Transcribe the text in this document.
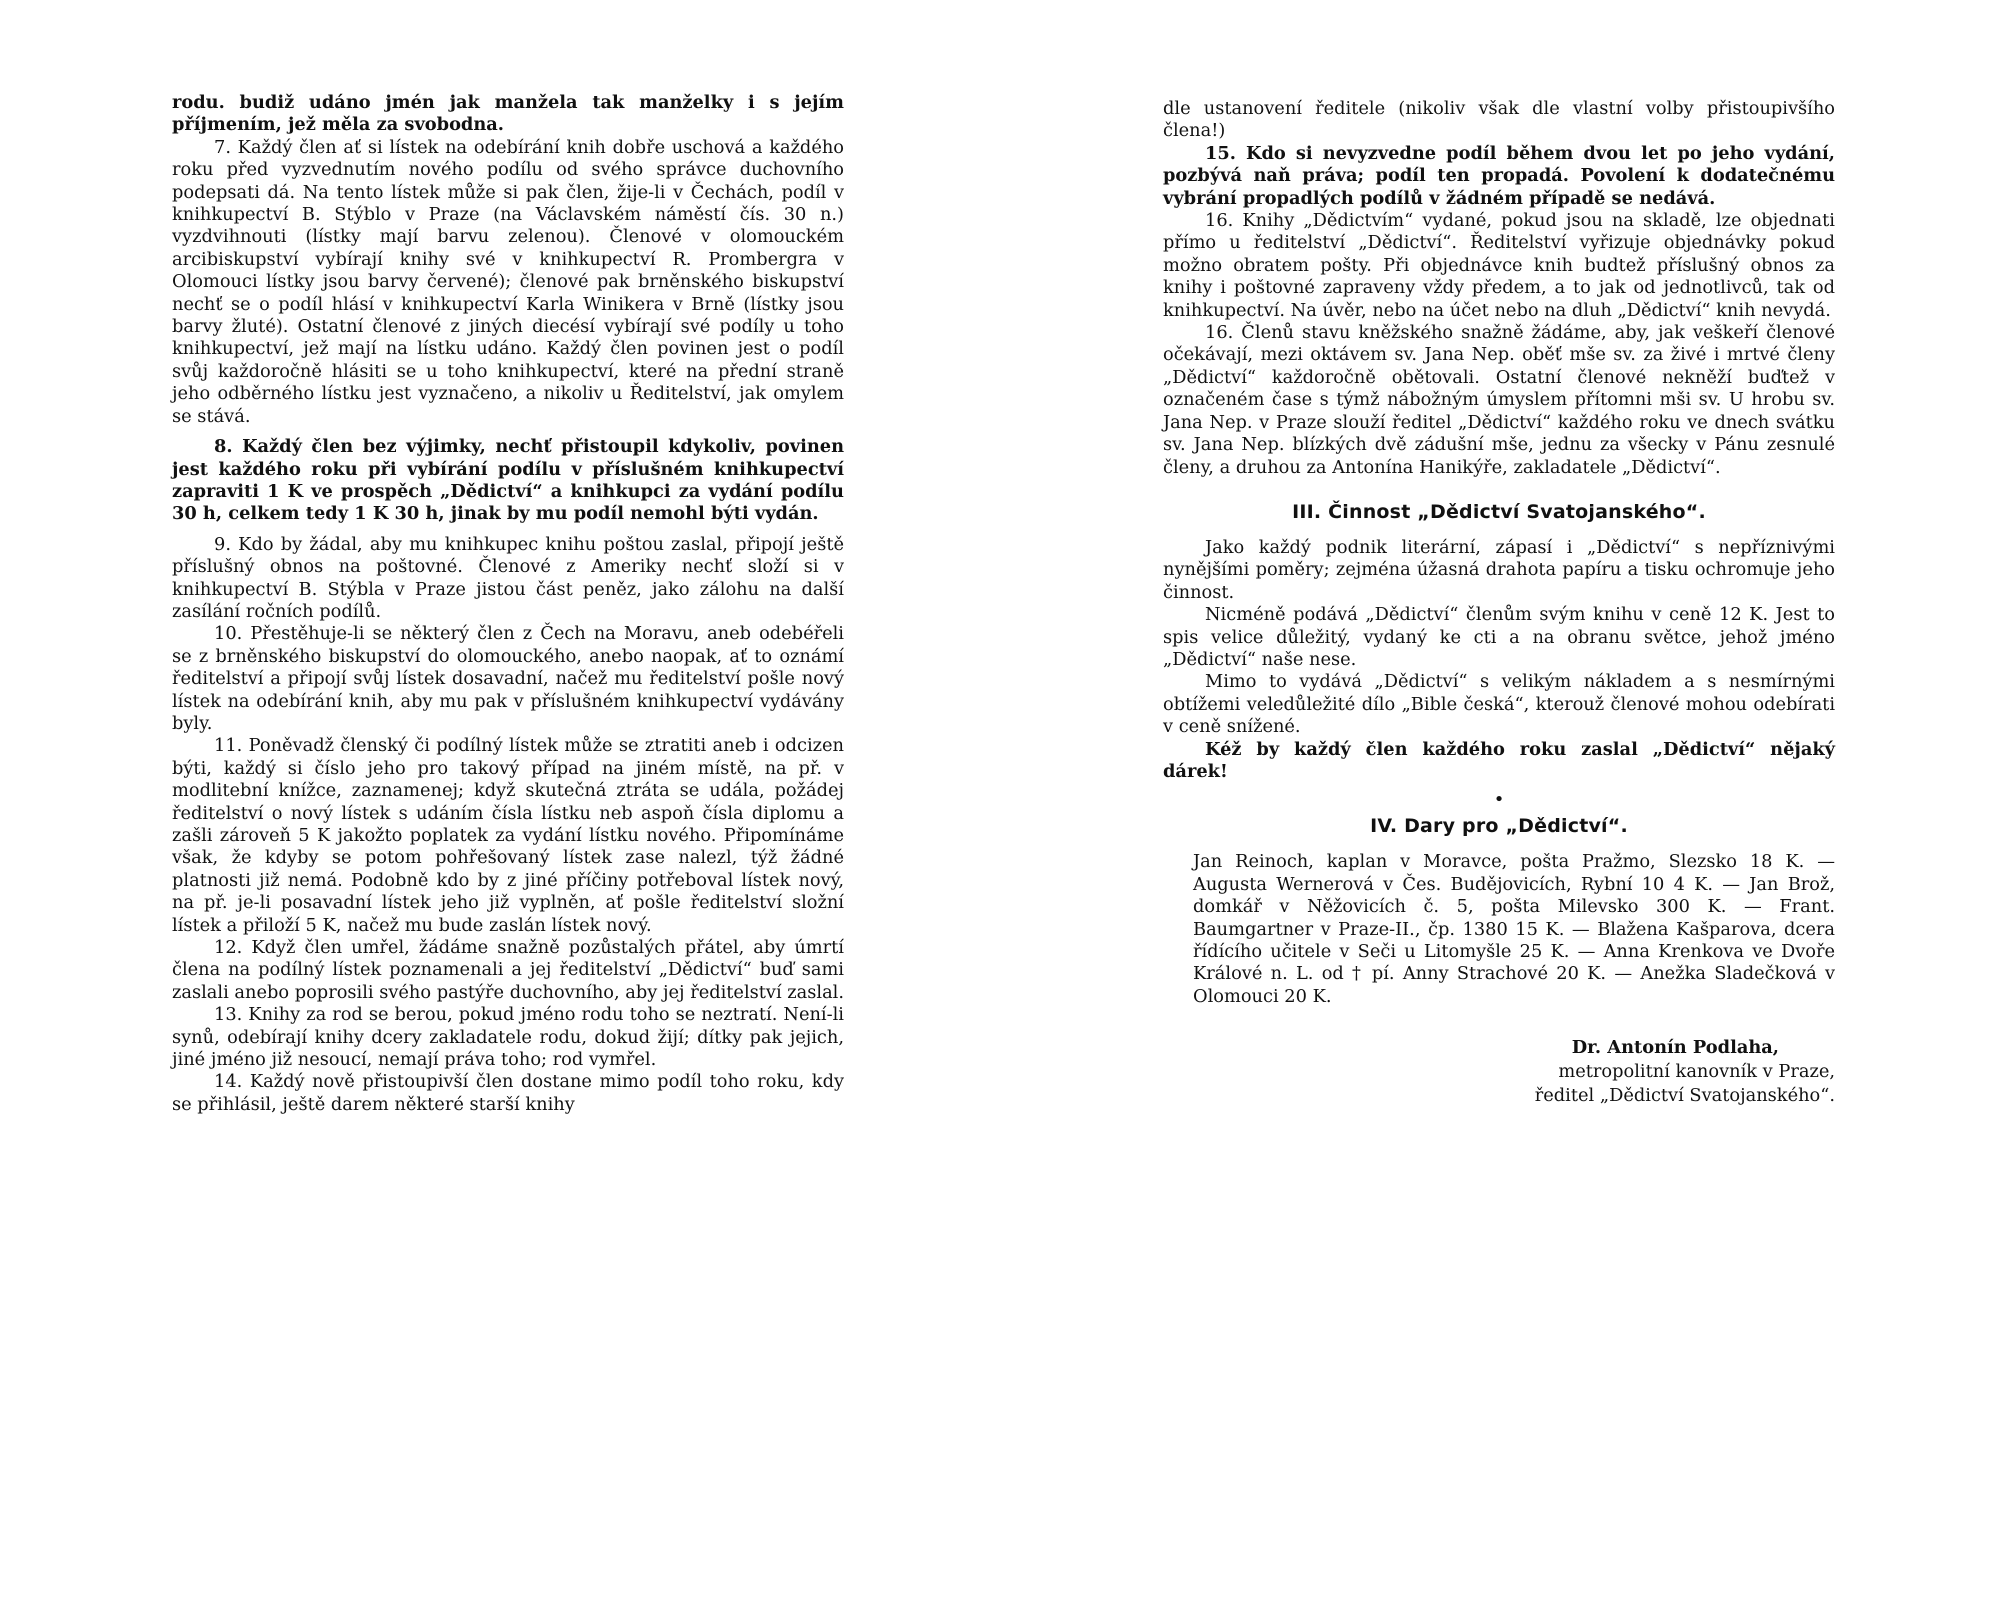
rodu. budiž udáno jmén jak manžela tak manželky i s jejím příjmením, jež měla za svobodna.

7. Každý člen ať si lístek na odebírání knih dobře uschová a každého roku před vyzvednutím nového podílu od svého správce duchovního podepsati dá. Na tento lístek může si pak člen, žije-li v Čechách, podíl v knihkupectví B. Stýblo v Praze (na Václavském náměstí čís. 30 n.) vyzdvihnouti (lístky mají barvu zelenou). Členové v olomouckém arcibiskupství vybírají knihy své v knihkupectví R. Prombergra v Olomouci lístky jsou barvy červené); členové pak brněnského biskupství nechť se o podíl hlásí v knihkupectví Karla Winikera v Brně (lístky jsou barvy žluté). Ostatní členové z jiných diecésí vybírají své podíly u toho knihkupectví, jež mají na lístku udáno. Každý člen povinen jest o podíl svůj každoročně hlásiti se u toho knihkupectví, které na přední straně jeho odběrného lístku jest vyznačeno, a nikoliv u Ředitelství, jak omylem se stává.

8. Každý člen bez výjimky, nechť přistoupil kdykoliv, povinen jest každého roku při vybírání podílu v příslušném knihkupectví zapraviti 1 K ve prospěch „Dědictví“ a knihkupci za vydání podílu 30 h, celkem tedy 1 K 30 h, jinak by mu podíl nemohl býti vydán.

9. Kdo by žádal, aby mu knihkupec knihu poštou zaslal, připojí ještě příslušný obnos na poštovné. Členové z Ameriky nechť složí si v knihkupectví B. Stýbla v Praze jistou část peněz, jako zálohu na další zasílání ročních podílů.

10. Přestěhuje-li se některý člen z Čech na Moravu, aneb odebéřeli se z brněnského biskupství do olomouckého, anebo naopak, ať to oznámí ředitelství a připojí svůj lístek dosavadní, načež mu ředitelství pošle nový lístek na odebírání knih, aby mu pak v příslušném knihkupectví vydávány byly.

11. Poněvadž členský či podílný lístek může se ztratiti aneb i odcizen býti, každý si číslo jeho pro takový případ na jiném místě, na př. v modlitební knížce, zaznamenej; když skutečná ztráta se udála, požádej ředitelství o nový lístek s udáním čísla lístku neb aspoň čísla diplomu a zašli zároveň 5 K jakožto poplatek za vydání lístku nového. Připomínáme však, že kdyby se potom pohřešovaný lístek zase nalezl, týž žádné platnosti již nemá. Podobně kdo by z jiné příčiny potřeboval lístek nový, na př. je-li posavadní lístek jeho již vyplněn, ať pošle ředitelství složní lístek a přiloží 5 K, načež mu bude zaslán lístek nový.

12. Když člen umřel, žádáme snažně pozůstalých přátel, aby úmrtí člena na podílný lístek poznamenali a jej ředitelství „Dědictví“ buď sami zaslali anebo poprosili svého pastýře duchovního, aby jej ředitelství zaslal.

13. Knihy za rod se berou, pokud jméno rodu toho se neztratí. Není-li synů, odebírají knihy dcery zakladatele rodu, dokud žijí; dítky pak jejich, jiné jméno již nesoucí, nemají práva toho; rod vymřel.

14. Každý nově přistoupivší člen dostane mimo podíl toho roku, kdy se přihlásil, ještě darem některé starší knihy

dle ustanovení ředitele (nikoliv však dle vlastní volby přistoupivšího člena!)

15. Kdo si nevyzvedne podíl během dvou let po jeho vydání, pozbývá naň práva; podíl ten propadá. Povolení k dodatečnému vybrání propadlých podílů v žádném případě se nedává.

16. Knihy „Dědictvím“ vydané, pokud jsou na skladě, lze objednati přímo u ředitelství „Dědictví“. Ředitelství vyřizuje objednávky pokud možno obratem pošty. Při objednávce knih budtež příslušný obnos za knihy i poštovné zapraveny vždy předem, a to jak od jednotlivců, tak od knihkupectví. Na úvěr, nebo na účet nebo na dluh „Dědictví“ knih nevydá.

16. Členů stavu kněžského snažně žádáme, aby, jak veškeří členové očekávají, mezi oktávem sv. Jana Nep. oběť mše sv. za živé i mrtvé členy „Dědictví“ každoročně obětovali. Ostatní členové nekněží buďtež v označeném čase s týmž nábožným úmyslem přítomni mši sv. U hrobu sv. Jana Nep. v Praze slouží ředitel „Dědictví“ každého roku ve dnech svátku sv. Jana Nep. blízkých dvě zádušní mše, jednu za všecky v Pánu zesnulé členy, a druhou za Antonína Hanikýře, zakladatele „Dědictví“.

III. Činnost „Dědictví Svatojanského“.

Jako každý podnik literární, zápasí i „Dědictví“ s nepříznivými nynějšími poměry; zejména úžasná drahota papíru a tisku ochromuje jeho činnost.

Nicméně podává „Dědictví“ členům svým knihu v ceně 12 K. Jest to spis velice důležitý, vydaný ke cti a na obranu světce, jehož jméno „Dědictví“ naše nese.

Mimo to vydává „Dědictví“ s velikým nákladem a s nesmírnými obtížemi veledůležité dílo „Bible česká“, kterouž členové mohou odebírati v ceně snížené.

Kéž by každý člen každého roku zaslal „Dědictví“ nějaký dárek!

•
IV. Dary pro „Dědictví“.

Jan Reinoch, kaplan v Moravce, pošta Pražmo, Slezsko 18 K. — Augusta Wernerová v Čes. Budějovicích, Rybní 10 4 K. — Jan Brož, domkář v Něžovicích č. 5, pošta Milevsko 300 K. — Frant. Baumgartner v Praze-II., čp. 1380 15 K. — Blažena Kašparova, dcera řídícího učitele v Seči u Litomyšle 25 K. — Anna Krenkova ve Dvoře Králové n. L. od † pí. Anny Strachové 20 K. — Anežka Sladečková v Olomouci 20 K.

Dr. Antonín Podlaha,
metropolitní kanovník v Praze,
ředitel „Dědictví Svatojanského“.
